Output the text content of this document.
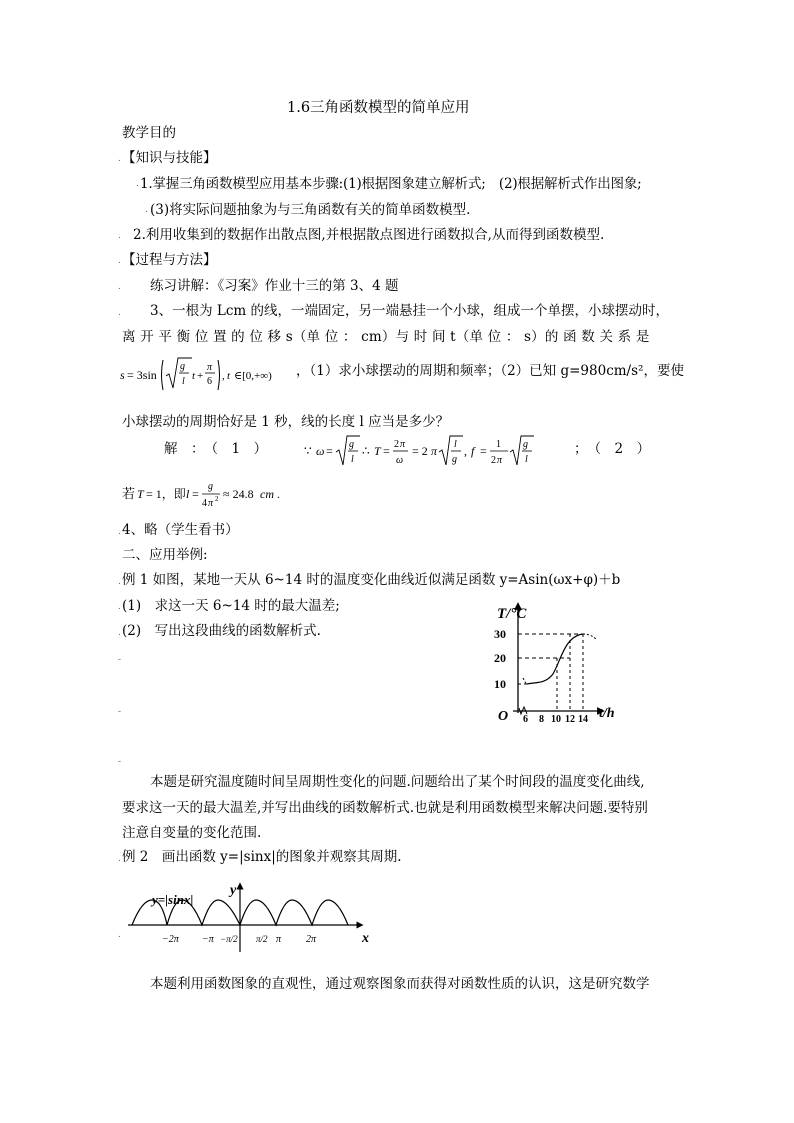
1.6三角函数模型的简单应用
教学目的
. 【知识与技能】
. 1.掌握三角函数模型应用基本步骤:(1)根据图象建立解析式;　(2)根据解析式作出图象;
. (3)将实际问题抽象为与三角函数有关的简单函数模型.
. 2.利用收集到的数据作出散点图,并根据散点图进行函数拟合,从而得到函数模型.
. 【过程与方法】
. 练习讲解：《习案》作业十三的第 3、4 题
. 3、一根为 Lcm 的线，一端固定，另一端悬挂一个小球，组成一个单摆，小球摆动时，
离 开 平 衡 位 置 的 位 移 s（单 位 ： cm）与 时 间 t（单 位 ： s）的 函 数 关 系 是
s = 3sin
g
l t +
π
6 , t ∈[0,+∞) ，（1）求小球摆动的周期和频率；（2）已知 g=980cm/s²，要使
小球摆动的周期恰好是 1 秒，线的长度 l 应当是多少？
解　：　（　1　）	∵ ω = g
l
∴ T = 2 π
ω
= 2 π l
g
, f = 1
2 π
g
l
；　（　2　）
若 T = 1，即 l =
g
4 π 2 ≈ 24.8 cm .
. 4、略（学生看书）
二、应用举例:
. 例 1 如图，某地一天从 6~14 时的温度变化曲线近似满足函数 y=Asin(ωx+φ)＋b
. (1)　求这一天 6~14 时的最大温差;
. (2)　写出这段曲线的函数解析式.
-
-
-
T/°C
t/h
O
30
20
10
6 8 10 12 14
本题是研究温度随时间呈周期性变化的问题.问题给出了某个时间段的温度变化曲线,
要求这一天的最大温差,并写出曲线的函数解析式.也就是利用函数模型来解决问题.要特别
注意自变量的变化范围.
. 例 2　画出函数 y=|sinx|的图象并观察其周期.
x
y
y=|sinx|
−2π −π −π/2 π/2 π 2π
.
本题利用函数图象的直观性，通过观察图象而获得对函数性质的认识，这是研究数学
